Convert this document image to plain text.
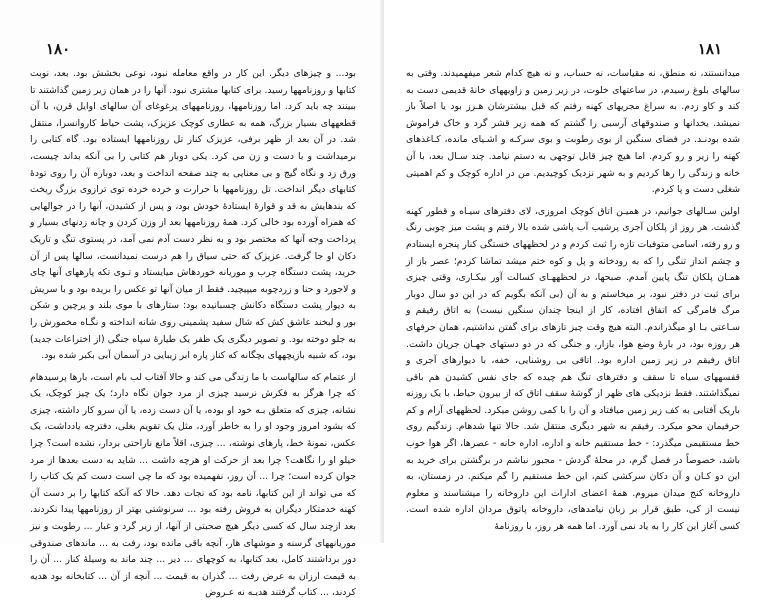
۱۸۰

بود... و چیزهای دیگر. این کار در واقع معامله نبود، نوعی بخشش بود. بعد، نوبت کتابها و روزنامهها رسید. برای کتابها مشتری نبود. آنها را در همان زیر زمین گذاشتند تا ببینند چه باید کرد. اما روزنامهها، روزنامههای پرغوغای آن سالهای اوایل قرن، با آن قطعههای بسیار بزرگ، همه به عطاری کوچک عزیزک، پشت حیاط کاروانسرا، منتقل شد. در آن بعد از ظهر برفی، عزیزک کنار تل روزنامهها ایستاده بود. گاه کتابی را برمیداشت و با دست و زن می کرد. یکی دوبار هم کتابی را بی آنکه بداند چیست، ورق زد و نگاه گیج و بی معنایی به چند صفحه انداخت و بعد، دوباره آن را روی تودهٔ کتابهای دیگر انداخت. تل روزنامهها با حرارت و خرده خرده توی ترازوی بزرگ ریخت که بندهایش به قد و قوارهٔ ایستادهٔ خودش بود، و پس از کشیدن، آنها را در جوالهایی که همراه آورده بود خالی کرد. همهٔ روزنامهها بعد از وزن کردن و چانه زدنهای بسیار و پرداخت وجه آنها که مختصر بود و به نظر دست آدم نمی آمد، در پستوی تنگ و تاریک دکان او جا گرفت. عزیزک که حتی سیاق را هم درست نمیدانست، سالها پس از آن خرید، پشت دستگاه چرب و موریانه خوردهاش میایستاد و تـوی تکه پارههای آنها چای و لاجورد و حنا و زردچوبه میپیچید. فقط از میان آنها تو عکس را بریده بود و با سریش به دیوار پشت دستگاه دکانش چسبانیده بود: ستارهای با موی بلند و پرچین و شکن بور و لبخند عاشق کش که شال سفید پشمینی روی شانه انداخته و نگـاه مخمورش را به جلو دوخته بود. و تصویر دیگری یک ظفر یک طیارهٔ سپاه جنگی (از اختراعات جدید) بود، که شبیه بازیچههای بچگانه که کنار پاره ابر زیبایی در آسمان آبی بکبر شده بود.

از عتمام که سالهاست با ما زندگی می کند و حالا آفتاب لب بام است، بارها پرسیدهام که چرا هرگز به فکرش نرسید چیزی از مرد جوان نگاه دارد؛ یک چیز کوچک، یک نشانه، چیزی که متعلق بـه خود او بوده، یا آن دست زده، یا آن سرو کار داشته، چیزی که بشود امروز وجود او را به خاطر آورد، مثل یک تقویم بغلی، دفترچه یادداشت، یک عکس، نمونهٔ خط، پارهای نوشته، ... چیزی، اقلاً مانع ناراحتی بردار، نشده است؟ چرا خیلو او را نگاهت؟ چرا بعد از حرکت او هرچه داشت ... شاید به دست بعدها از مرد جوان کرده است؛ چرا ... آن روز، نفهمیده بود که ما چی است دست کم یک کتاب را که می تواند از این کتابها، نامه بود که نجات دهد. حالا که آنکه کتابها را بر دست آن کهنه خدمتکار دیگران به فروش رفته بود ... سرنوشتی بهتر از روزنامهها پیدا نکردند. بعد ازچند سال که کسی دیگر هیچ صحبتی از آنها، از زیر گرد و غبار ... رطوبت و نیز موریانههای گرسنه و موشهای هار، آنچه باقی مانده بود، رفت به ... ماندهای صندوقی دور برداشتند کامل، بعد کتابها، به کوچهای ... دیر ... چند ماند به وسیلهٔ کنار ... آن را به قیمت ارزان به عرض رفت ... گذران به قیمت ... آنچه از آن ... کتابخانه بود هدیه کردند، ... کتاب گرفتند هدیـه نه عـروض

۱۸۱

میدانستند، نه منطق، نه مقیاسات، نه حساب، و نه هیچ کدام شعر میفهمیدند. وقتی به سالهای بلوغ رسیدم، در ساعتهای خلوت، در زیر زمین و زاویههای خانهٔ قدیمی دست به کند و کاو زدم. به سراغ مجریهای کهنه رفتم که قبل بیشترشان هـرز بود یا اصلاً باز نمیشد. یخدانها و صندوقهای آرسبی را گشتم که همه زیر قشر گرد و خاک فراموش شده بودنـد. در فضای سنگین از بوی رطوبت و بوی سرکـه و اشـیای مانده، کـاغذهای کهنه را زیر و رو کردم. اما هیچ چیز قابل توجهی به دستم نیامد. چند سـال بعد، با آن خانه و زندگی را رها کردیم و به شهر نزدیک کوچیدیم. من در اداره کوچک و کم اهمیتی شغلی دست و پا کردم.

اولین سـالهای جوانیم، در همیـن اتاق کوچک امروزی، لای دفترهای سیـاه و قطور کهنه گذشت. هر روز از پلکان آجری پرشیب آب پاشی شده بالا رفتم و پشت میز چوبی رنگ و رو رفته، اسامی متوفیات تازه را ثبت کردم و در لحظههای خستگی کنار پنجره ایستادم و چشم انداز تنگی را که به رودخانه و پل و کوه ختم میشد تماشا کردم؛ عصر باز از همـان پلکان تنگ پایین آمدم. صبحها، در لحظههـای کسالت آور بیکـاری، وقتی چیزی برای ثبت در دفتر نبود، بر میخاستم و به آن (بی آنکه بگویم که در این دو سال دوبار مرگ فامرگی که اتفاق افتاده، کار از اینجا چندان سنگین نیست) به اتاق رفیقم و سـاعتی بـا او میگذراندم. البته هیچ وقت چیز تازهای برای گفتن نداشتیم، همان حرفهای هر روزه بود، در بارهٔ وضع هوا، بازار، و جنگی که در دو دستهای جهـان جریان داشت. اتاق رفیقم در زیر زمین اداره بود. اتاقی بی روشنایی، خفه، با دیوارهای آجری و قفسههای سیاه تا سقف و دفترهای تنگ هم چیده که جای نفس کشیدن هم باقی نمیگذاشتند. فقط نزدیکی هاى ظهر از گوشهٔ سقف اتاق که از بیرون حیاط، با یک روزنه باریک آفتابی به کف زیر زمین میافتاد و آن را با کمی روشن میکرد. لحظههای آرام و کم حرفیمان محو میکرد. رفیقم به شهر دیگری منتقل شد. حالا تنها شدهام. زندگیم روی خط مستقیمی میگذرد: - خط مستقیم خانه و اداره، اداره خانه - عصرها، اگر هوا خوب باشد، خصوصاً در فصل گرم، در محلهٔ گردش - مجبور نباشم در برگشتن برای خرید به این دو کـان و آن دکان سرکشی کنم، این خط مستقیم را گم میکنم. در زمستان، به داروخانه کنج میدان میروم. همهٔ اعضای ادارات این داروخانه را میشناسند و معلوم نیست از کی، طبق قرار بر زبان نیامدهای، داروخانه پاتوق مردان اداره شده است. کسی آغاز این کار را به یاد نمی آورد. اما همه هر روز، با روزنامهٔ
